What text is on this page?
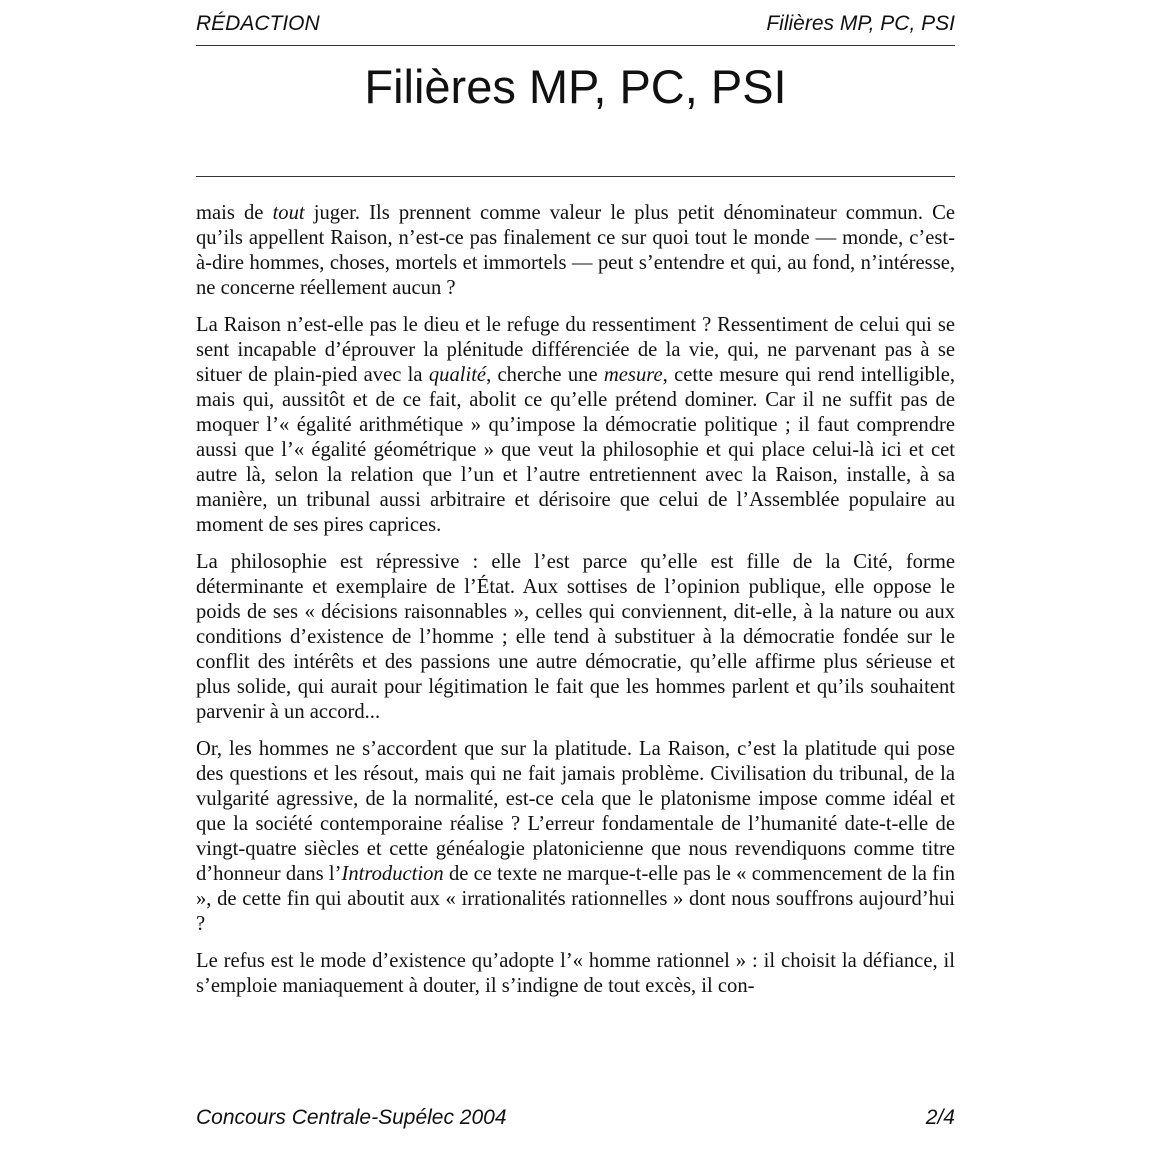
RÉDACTION	Filières MP, PC, PSI
Filières MP, PC, PSI

mais de tout juger. Ils prennent comme valeur le plus petit dénominateur commun. Ce qu’ils appellent Raison, n’est-ce pas finalement ce sur quoi tout le monde — monde, c’est-à-dire hommes, choses, mortels et immortels — peut s’entendre et qui, au fond, n’intéresse, ne concerne réellement aucun ?

La Raison n’est-elle pas le dieu et le refuge du ressentiment ? Ressentiment de celui qui se sent incapable d’éprouver la plénitude différenciée de la vie, qui, ne parvenant pas à se situer de plain-pied avec la qualité, cherche une mesure, cette mesure qui rend intelligible, mais qui, aussitôt et de ce fait, abolit ce qu’elle prétend dominer. Car il ne suffit pas de moquer l’« égalité arithmétique » qu’impose la démocratie politique ; il faut comprendre aussi que l’« égalité géométrique » que veut la philosophie et qui place celui-là ici et cet autre là, selon la relation que l’un et l’autre entretiennent avec la Raison, installe, à sa manière, un tribunal aussi arbitraire et dérisoire que celui de l’Assemblée populaire au moment de ses pires caprices.

La philosophie est répressive : elle l’est parce qu’elle est fille de la Cité, forme déterminante et exemplaire de l’État. Aux sottises de l’opinion publique, elle oppose le poids de ses « décisions raisonnables », celles qui conviennent, dit-elle, à la nature ou aux conditions d’existence de l’homme ; elle tend à substituer à la démocratie fondée sur le conflit des intérêts et des passions une autre démocratie, qu’elle affirme plus sérieuse et plus solide, qui aurait pour légitimation le fait que les hommes parlent et qu’ils souhaitent parvenir à un accord...

Or, les hommes ne s’accordent que sur la platitude. La Raison, c’est la platitude qui pose des questions et les résout, mais qui ne fait jamais problème. Civilisation du tribunal, de la vulgarité agressive, de la normalité, est-ce cela que le platonisme impose comme idéal et que la société contemporaine réalise ? L’erreur fondamentale de l’humanité date-t-elle de vingt-quatre siècles et cette généalogie platonicienne que nous revendiquons comme titre d’honneur dans l’Introduction de ce texte ne marque-t-elle pas le « commencement de la fin », de cette fin qui aboutit aux « irrationalités rationnelles » dont nous souffrons aujourd’hui ?

Le refus est le mode d’existence qu’adopte l’« homme rationnel » : il choisit la défiance, il s’emploie maniaquement à douter, il s’indigne de tout excès, il con-

Concours Centrale-Supélec 2004	2/4
